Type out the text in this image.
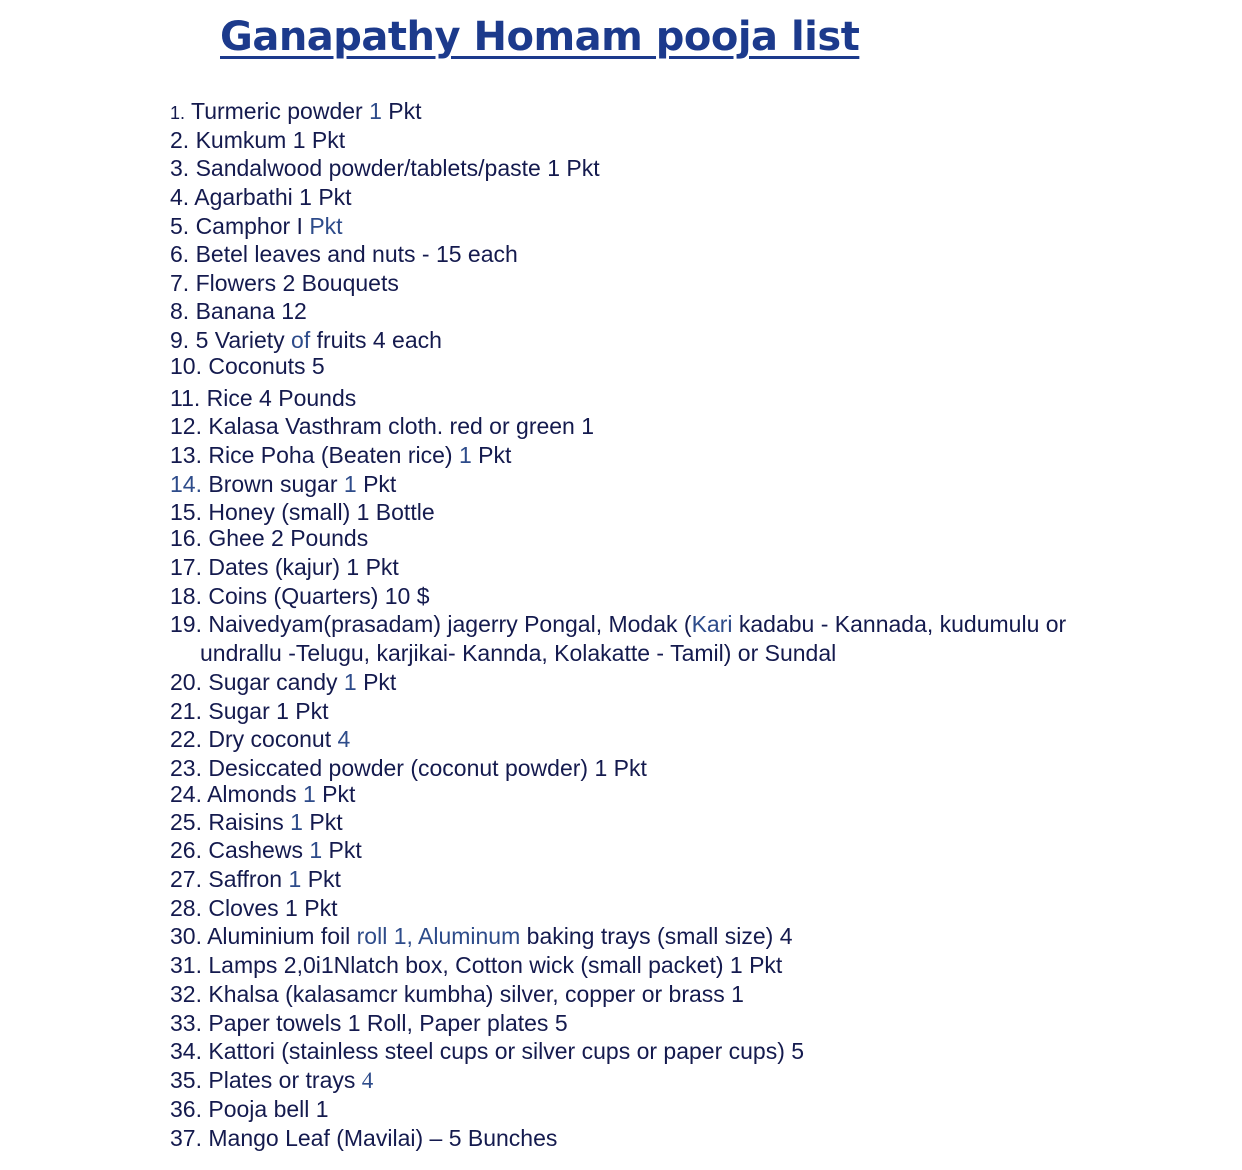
Ganapathy Homam pooja list
1. Turmeric powder 1 Pkt
2. Kumkum 1 Pkt
3. Sandalwood powder/tablets/paste 1 Pkt
4. Agarbathi 1 Pkt
5. Camphor I Pkt
6. Betel leaves and nuts - 15 each
7. Flowers 2 Bouquets
8. Banana 12
9. 5 Variety of fruits 4 each
10. Coconuts 5
11. Rice 4 Pounds
12. Kalasa Vasthram cloth. red or green 1
13. Rice Poha (Beaten rice) 1 Pkt
14. Brown sugar 1 Pkt
15. Honey (small) 1 Bottle
16. Ghee 2 Pounds
17. Dates (kajur) 1 Pkt
18. Coins (Quarters) 10 $
19. Naivedyam(prasadam) jagerry Pongal, Modak (Kari kadabu - Kannada, kudumulu or undrallu -Telugu, karjikai- Kannda, Kolakatte - Tamil) or Sundal
20. Sugar candy 1 Pkt
21. Sugar 1 Pkt
22. Dry coconut 4
23. Desiccated powder (coconut powder) 1 Pkt
24. Almonds 1 Pkt
25. Raisins 1 Pkt
26. Cashews 1 Pkt
27. Saffron 1 Pkt
28. Cloves 1 Pkt
30. Aluminium foil roll 1, Aluminum baking trays (small size) 4
31. Lamps 2,0i1Nlatch box, Cotton wick (small packet) 1 Pkt
32. Khalsa (kalasamcr kumbha) silver, copper or brass 1
33. Paper towels 1 Roll, Paper plates 5
34. Kattori (stainless steel cups or silver cups or paper cups) 5
35. Plates or trays 4
36. Pooja bell 1
37. Mango Leaf (Mavilai) – 5 Bunches
